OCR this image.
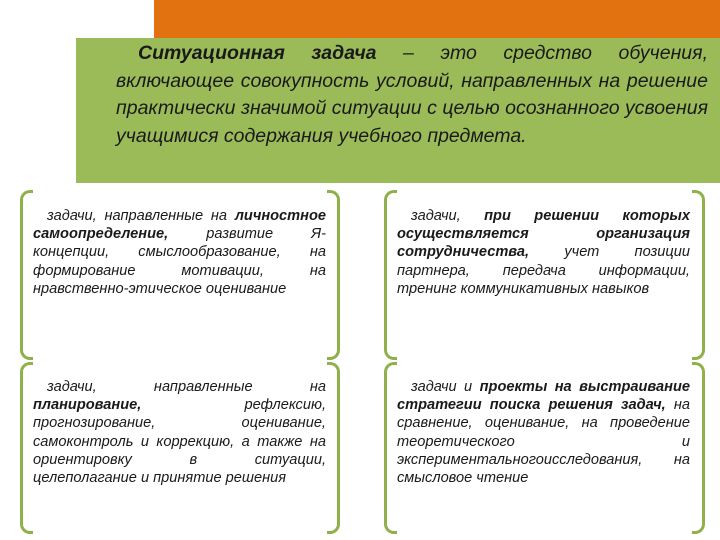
Ситуационная задача – это средство обучения, включающее совокупность условий, направленных на решение практически значимой ситуации с целью осознанного усвоения учащимися содержания учебного предмета.

задачи, направленные на личностное самоопределение, развитие Я-концепции, смыслообразование, на формирование мотивации, на нравственно-этическое оценивание

задачи, при решении которых осуществляется организация сотрудничества, учет позиции партнера, передача информации, тренинг коммуникативных навыков

задачи, направленные на планирование, рефлексию, прогнозирование, оценивание, самоконтроль и коррекцию, а также на ориентировку в ситуации, целеполагание и принятие решения

задачи и проекты на выстраивание стратегии поиска решения задач, на сравнение, оценивание, на проведение теоретического и экспериментальногоисследования, на смысловое чтение
